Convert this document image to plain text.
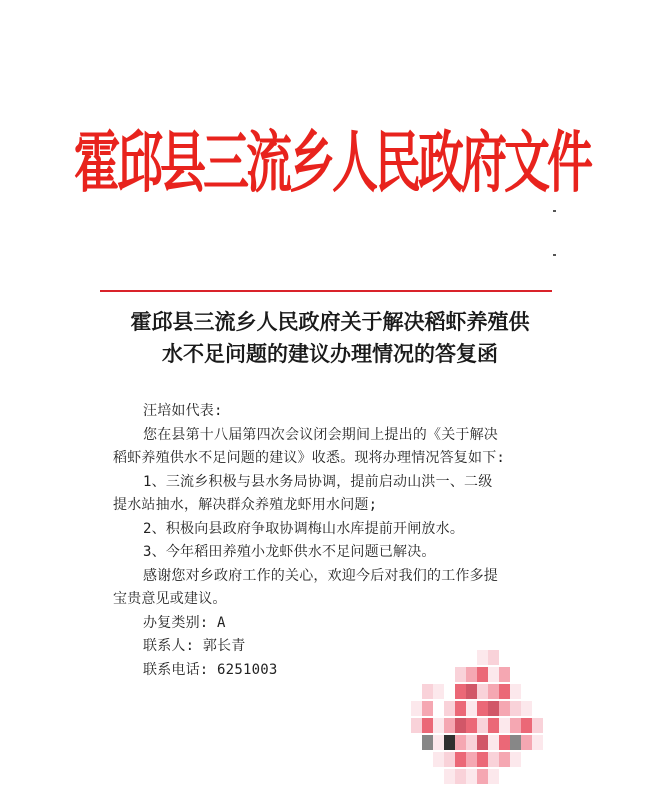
霍邱县三流乡人民政府文件
霍邱县三流乡人民政府关于解决稻虾养殖供
水不足问题的建议办理情况的答复函
汪培如代表:
您在县第十八届第四次会议闭会期间上提出的《关于解决
稻虾养殖供水不足问题的建议》收悉。现将办理情况答复如下:
1、三流乡积极与县水务局协调，提前启动山洪一、二级
提水站抽水，解决群众养殖龙虾用水问题;
2、积极向县政府争取协调梅山水库提前开闸放水。
3、今年稻田养殖小龙虾供水不足问题已解决。
感谢您对乡政府工作的关心，欢迎今后对我们的工作多提
宝贵意见或建议。
办复类别: A
联系人: 郭长青
联系电话: 6251003
